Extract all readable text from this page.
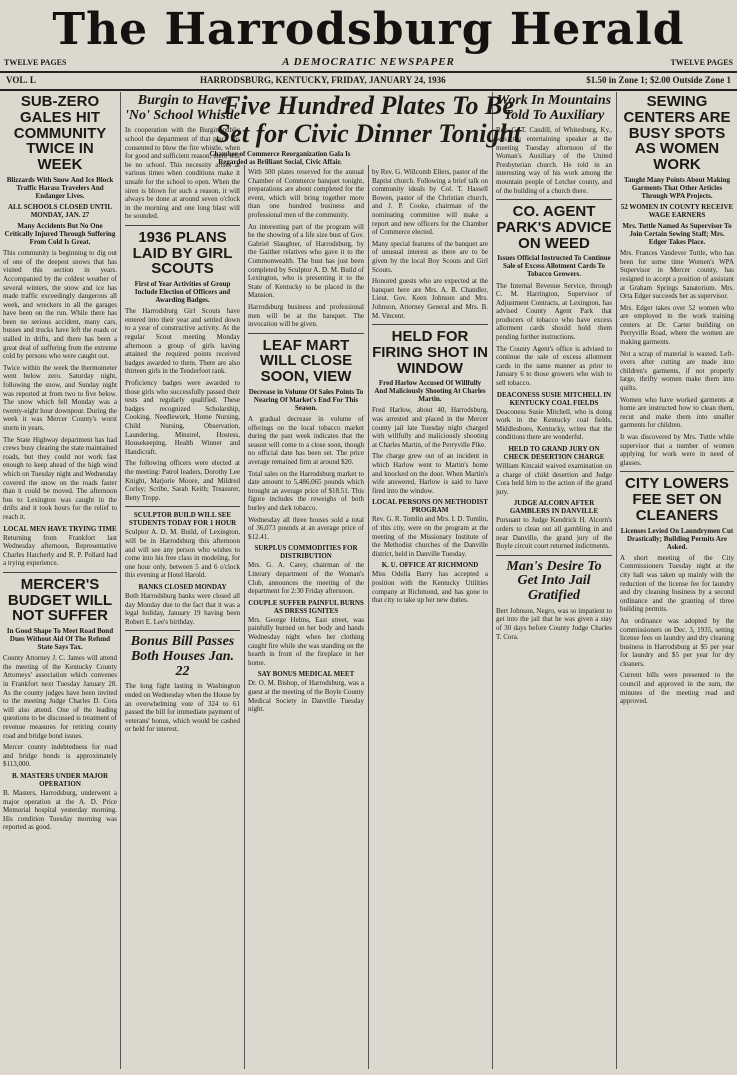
The Harrodsburg Herald
TWELVE PAGES	TWELVE PAGES
A DEMOCRATIC NEWSPAPER
VOL. L	HARRODSBURG, KENTUCKY, FRIDAY, JANUARY 24, 1936	$1.50 in Zone 1; $2.00 Outside Zone 1
SUB-ZERO GALES HIT COMMUNITY TWICE IN WEEK
Blizzards With Snow And Ice Block Traffic Harass Travelers And Endanger Lives.
ALL SCHOOLS CLOSED UNTIL MONDAY, JAN. 27
Many Accidents But No One Critically Injured Through Suffering From Cold Is Great.

This community is beginning to dig out of one of the deepest snows that has visited this section in years. Accompanied by the coldest weather of several winters, the snow and ice has made traffic exceedingly dangerous all week, and wreckers in all the garages have been on the run. While there has been no serious accident, many cars, busses and trucks have left the roads or stalled in drifts, and there has been a great deal of suffering from the extreme cold by persons who were caught out.

Twice within the week the thermometer went below zero. Saturday night, following the snow, and Sunday night was reported at from two to five below. The snow which fell Monday was a twenty-eight hour downpour. During the week it was Mercer County's worst storm in years.

The State Highway department has had crews busy clearing the state maintained roads, but they could not work fast enough to keep ahead of the high wind which on Tuesday night and Wednesday covered the snow on the roads faster than it could be moved. The afternoon bus to Lexington was caught in the drifts and it took hours for the relief to reach it.

LOCAL MEN HAVE TRYING TIME

Returning from Frankfort last Wednesday afternoon, Representative Charles Hatcherly and R. P. Pollard had a trying experience.

MERCER'S BUDGET WILL NOT SUFFER
In Good Shape To Meet Road Bond Dues Without Aid Of The Refund State Says Tax.

County Attorney J. C. James will attend the meeting of the Kentucky County Attorneys' association which convenes in Frankfort next Tuesday January 28. As the county judges have been invited to the meeting Judge Charles D. Cora will also attend. One of the leading questions to be discussed is treatment of revenue measures for retiring county road and bridge bond issues.

Mercer county indebtedness for road and bridge bonds is approximately $113,000.

B. MASTERS UNDER MAJOR OPERATION

B. Masters, Harrodsburg, underwent a major operation at the A. D. Price Memorial hospital yesterday morning. His condition Tuesday morning was reported as good.

Burgin to Have 'No' School Whistle

In cooperation with the Burgin public school the department of that place has consented to blow the fire whistle, when for good and sufficient reason, there will be no school. This necessity arises at various times when conditions make it unsafe for the school to open. When the siren is blown for such a reason, it will always be done at around seven o'clock in the morning and one long blast will be sounded.

1936 PLANS LAID BY GIRL SCOUTS
First of Year Activities of Group Include Election of Officers and Awarding Badges.

The Harrodsburg Girl Scouts have entered into their year and settled down to a year of constructive activity. At the regular Scout meeting Monday afternoon a group of girls having attained the required points received badges awarded to them. There are also thirteen girls in the Tenderfoot rank.

Proficiency badges were awarded to those girls who successfully passed their tests and regularly qualified. These badges recognized Scholarship, Cooking, Needlework, Home Nursing, Child Nursing, Observation, Laundering, Minstrel, Hostess, Housekeeping, Health Winner and Handicraft.

The following officers were elected at the meeting: Patrol leaders, Dorothy Lee Knight, Marjorie Moore, and Mildred Corley; Scribe, Sarah Keith; Treasurer, Betty Tropp.

SCULPTOR BUILD WILL SEE STUDENTS TODAY FOR 1 HOUR

Sculptor A. D. M. Build, of Lexington, will be in Harrodsburg this afternoon and will see any person who wishes to come into his free class in modeling, for one hour only, between 5 and 6 o'clock this evening at Hotel Harold.

BANKS CLOSED MONDAY

Both Harrodsburg banks were closed all day Monday due to the fact that it was a legal holiday, January 19 having been Robert E. Lee's birthday.

Bonus Bill Passes Both Houses Jan. 22

The long fight lasting in Washington ended on Wednesday when the House by an overwhelming vote of 324 to 61 passed the bill for immediate payment of veterans' bonus, which would be cashed or held for interest.

Five Hundred Plates To Be
Set for Civic Dinner Tonight
Chamber of Commerce Reorganization Gala Is Regarded as Brilliant Social, Civic Affair.

With 500 plates reserved for the annual Chamber of Commerce banquet tonight, preparations are about completed for the event, which will bring together more than one hundred business and professional men of the community.

An interesting part of the program will be the showing of a life size bust of Gov. Gabriel Slaughter, of Harrodsburg, by the Gaither relatives who gave it to the Commonwealth. The bust has just been completed by Sculptor A. D. M. Build of Lexington, who is presenting it to the State of Kentucky to be placed in the Mansion.

Harrodsburg business and professional men will be at the banquet. The invocation will be given.

LEAF MART WILL CLOSE SOON, VIEW
Decrease in Volume Of Sales Points To Nearing Of Market's End For This Season.

A gradual decrease in volume of offerings on the local tobacco market during the past week indicates that the season will come to a close soon, though no official date has been set. The price average remained firm at around $20.

Total sales on the Harrodsburg market to date amount to 5,486,065 pounds which brought an average price of $18.51. This figure includes the reweighs of both burley and dark tobacco.

Wednesday all three houses sold a total of 36,073 pounds at an average price of $12.41.

SURPLUS COMMODITIES FOR DISTRIBUTION

Mrs. G. A. Carey, chairman of the Literary department of the Woman's Club, announces the meeting of the department for 2:30 Friday afternoon.

COUPLE SUFFER PAINFUL BURNS AS DRESS IGNITES

Mrs. George Helms, East street, was painfully burned on her body and hands Wednesday night when her clothing caught fire while she was standing on the hearth in front of the fireplace in her home.

SAY BONUS MEDICAL MEET

Dr. O. M. Bishop, of Harrodsburg, was a guest at the meeting of the Boyle County Medical Society in Danville Tuesday night.

by Rev. G. Willcomb Ellers, pastor of the Baptist church. Following a brief talk on community ideals by Col. T. Hassell Bowen, pastor of the Christian church, and J. P. Cooke, chairman of the nominating committee will make a report and new officers for the Chamber of Commerce elected.

Many special features of the banquet are of unusual interest as there are to be given by the local Boy Scouts and Girl Scouts.

Honored guests who are expected at the banquet here are Mrs. A. B. Chandler, Lieut. Gov. Keen Johnson and Mrs. Johnson, Attorney General and Mrs. B. M. Vincent.

HELD FOR FIRING SHOT IN WINDOW
Fred Harlow Accused Of Willfully And Maliciously Shooting At Charles Martin.

Fred Harlow, about 40, Harrodsburg, was arrested and placed in the Mercer county jail late Tuesday night charged with willfully and maliciously shooting at Charles Martin, of the Perryville Pike.

The charge grew out of an incident in which Harlow went to Martin's home and knocked on the door. When Martin's wife answered, Harlow is said to have fired into the window.

LOCAL PERSONS ON METHODIST PROGRAM

Rev. G. R. Tomlin and Mrs. I. D. Tumlin, of this city, were on the program at the meeting of the Missionary Institute of the Methodist churches of the Danville district, held in Danville Tuesday.

K. U. OFFICE AT RICHMOND

Miss Odella Barry has accepted a position with the Kentucky Utilities company at Richmond, and has gone to that city to take up her new duties.

Work In Mountains Told To Auxiliary

Rev. G. T. Caudill, of Whitesburg, Ky., was the entertaining speaker at the meeting Tuesday afternoon of the Woman's Auxiliary of the United Presbyterian church. He told in an interesting way of his work among the mountain people of Letcher county, and of the building of a church there.

CO. AGENT PARK'S ADVICE ON WEED
Issues Official Instructed To Continue Sale of Excess Allotment Cards To Tobacco Growers.

The Internal Revenue Service, through C. M. Harrington, Supervisor of Adjustment Contracts, at Lexington, has advised County Agent Park that producers of tobacco who have excess allotment cards should hold them pending further instructions.

The County Agent's office is advised to continue the sale of excess allotment cards in the same manner as prior to January 6 to those growers who wish to sell tobacco.

DEACONESS SUSIE MITCHELL IN KENTUCKY COAL FIELDS

Deaconess Susie Mitchell, who is doing work in the Kentucky coal fields, Middlesboro, Kentucky, writes that the conditions there are wonderful.

HELD TO GRAND JURY ON CHECK DESERTION CHARGE

William Kincaid waived examination on a charge of child desertion and Judge Cora held him to the action of the grand jury.

JUDGE ALCORN AFTER GAMBLERS IN DANVILLE

Pursuant to Judge Kendrick H. Alcorn's orders to clean out all gambling in and near Danville, the grand jury of the Boyle circuit court returned indictments.

Man's Desire To Get Into Jail Gratified

Bert Johnson, Negro, was so impatient to get into the jail that he was given a stay of 30 days before County Judge Charles T. Cora.

SEWING CENTERS ARE BUSY SPOTS AS WOMEN WORK
Taught Many Points About Making Garments That Other Articles Through WPA Projects.
52 WOMEN IN COUNTY RECEIVE WAGE EARNERS
Mrs. Tuttle Named As Supervisor To Join Certain Sewing Staff; Mrs. Edger Takes Place.

Mrs. Frances Vandever Tuttle, who has been for some time Women's WPA Supervisor in Mercer county, has resigned to accept a position of assistant at Graham Springs Sanatorium. Mrs. Orta Edger succeeds her as supervisor.

Mrs. Edger takes over 52 women who are employed in the work training centers at Dr. Carter building on Perryville Road, where the women are making garments.

Not a scrap of material is wasted. Left-overs after cutting are made into children's garments, if not properly large, thrifty women make them into quilts.

Women who have worked garments at home are instructed how to clean them, recut and make them into smaller garments for children.

It was discovered by Mrs. Tuttle while supervisor that a number of women applying for work were in need of glasses.

CITY LOWERS FEE SET ON CLEANERS
Licenses Levied On Laundrymen Cut Drastically; Building Permits Are Asked.

A short meeting of the City Commissioners Tuesday night at the city hall was taken up mainly with the reduction of the license fee for laundry and dry cleaning business by a second ordinance and the granting of three building permits.

An ordinance was adopted by the commissioners on Dec. 3, 1935, setting license fees on laundry and dry cleaning business in Harrodsburg at $5 per year for laundry and $5 per year for dry cleaners.

Current bills were presented to the council and approved in the sum, the minutes of the meeting read and approved.
